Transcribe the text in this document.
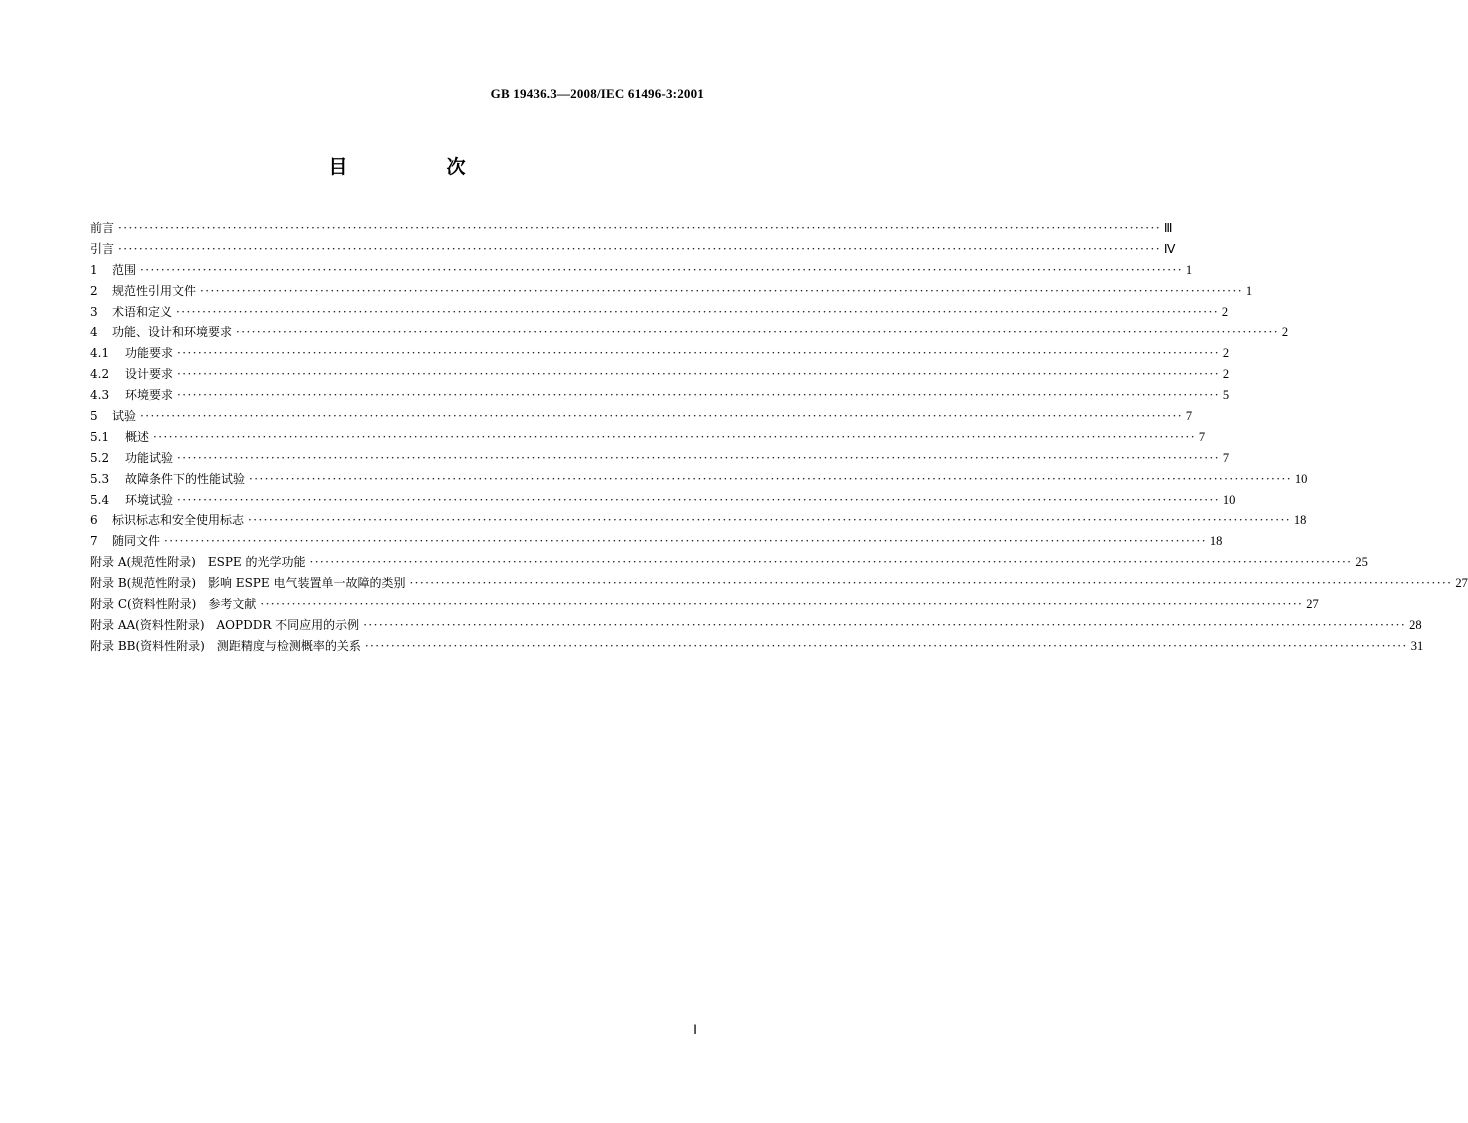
GB 19436.3—2008/IEC 61496-3:2001
目　次
前言 ········································································································································································································ Ⅲ
引言 ········································································································································································································ Ⅳ
1 范围 ········································································································································································································ 1
2 规范性引用文件 ········································································································································································································ 1
3 术语和定义 ········································································································································································································ 2
4 功能、设计和环境要求 ········································································································································································································ 2
4.1 功能要求 ········································································································································································································ 2
4.2 设计要求 ········································································································································································································ 2
4.3 环境要求 ········································································································································································································ 5
5 试验 ········································································································································································································ 7
5.1 概述 ········································································································································································································ 7
5.2 功能试验 ········································································································································································································ 7
5.3 故障条件下的性能试验 ········································································································································································································ 10
5.4 环境试验 ········································································································································································································ 10
6 标识标志和安全使用标志 ········································································································································································································ 18
7 随同文件 ········································································································································································································ 18
附录 A(规范性附录)　ESPE 的光学功能 ········································································································································································································ 25
附录 B(规范性附录)　影响 ESPE 电气装置单一故障的类别 ········································································································································································································ 27
附录 C(资料性附录)　参考文献 ········································································································································································································ 27
附录 AA(资料性附录)　AOPDDR 不同应用的示例 ········································································································································································································ 28
附录 BB(资料性附录)　测距精度与检测概率的关系 ········································································································································································································ 31
Ⅰ
